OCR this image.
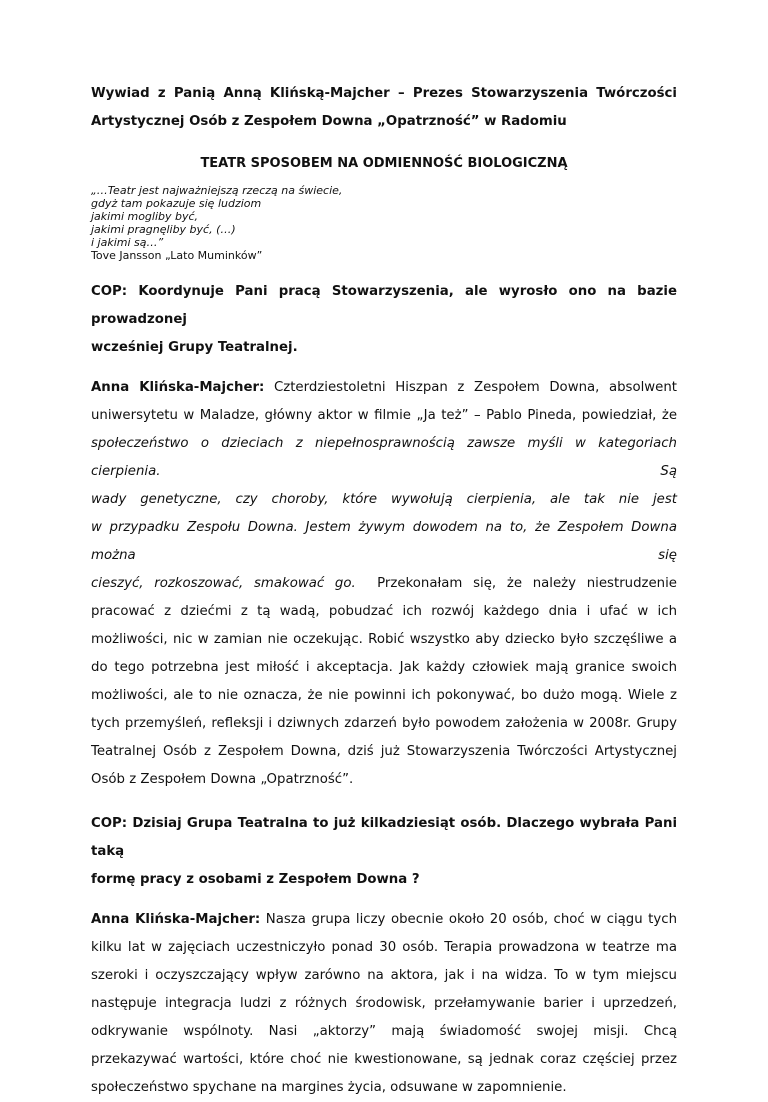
Wywiad z Panią Anną Klińską-Majcher – Prezes Stowarzyszenia Twórczości
Artystycznej Osób z Zespołem Downa „Opatrzność” w Radomiu

TEATR SPOSOBEM NA ODMIENNOŚĆ BIOLOGICZNĄ

„…Teatr jest najważniejszą rzeczą na świecie,
gdyż tam pokazuje się ludziom
jakimi mogliby być,
jakimi pragnęliby być, (…)
i jakimi są…”
Tove Jansson „Lato Muminków”

COP: Koordynuje Pani pracą Stowarzyszenia, ale wyrosło ono na bazie prowadzonej
wcześniej Grupy Teatralnej.

Anna Klińska-Majcher: Czterdziestoletni Hiszpan z Zespołem Downa, absolwent
uniwersytetu w Maladze, główny aktor w filmie „Ja też” – Pablo Pineda, powiedział, że
społeczeństwo o dzieciach z niepełnosprawnością zawsze myśli w kategoriach cierpienia. Są
wady genetyczne, czy choroby, które wywołują cierpienia, ale tak nie jest
w przypadku Zespołu Downa. Jestem żywym dowodem na to, że Zespołem Downa można się
cieszyć, rozkoszować, smakować go. Przekonałam się, że należy niestrudzenie pracować z dziećmi z tą wadą, pobudzać ich rozwój każdego dnia i ufać w ich możliwości, nic w zamian nie oczekując. Robić wszystko aby dziecko było szczęśliwe a do tego potrzebna jest miłość i akceptacja. Jak każdy człowiek mają granice swoich możliwości, ale to nie oznacza, że nie powinni ich pokonywać, bo dużo mogą. Wiele z tych przemyśleń, refleksji i dziwnych zdarzeń było powodem założenia w 2008r. Grupy Teatralnej Osób z Zespołem Downa, dziś już Stowarzyszenia Twórczości Artystycznej Osób z Zespołem Downa „Opatrzność”.

COP: Dzisiaj Grupa Teatralna to już kilkadziesiąt osób. Dlaczego wybrała Pani taką
formę pracy z osobami z Zespołem Downa ?

Anna Klińska-Majcher: Nasza grupa liczy obecnie około 20 osób, choć w ciągu tych kilku lat w zajęciach uczestniczyło ponad 30 osób. Terapia prowadzona w teatrze ma szeroki i oczyszczający wpływ zarówno na aktora, jak i na widza. To w tym miejscu następuje integracja ludzi z różnych środowisk, przełamywanie barier i uprzedzeń, odkrywanie wspólnoty. Nasi „aktorzy” mają świadomość swojej misji. Chcą przekazywać wartości, które choć nie kwestionowane, są jednak coraz częściej przez społeczeństwo spychane na margines życia, odsuwane w zapomnienie.
